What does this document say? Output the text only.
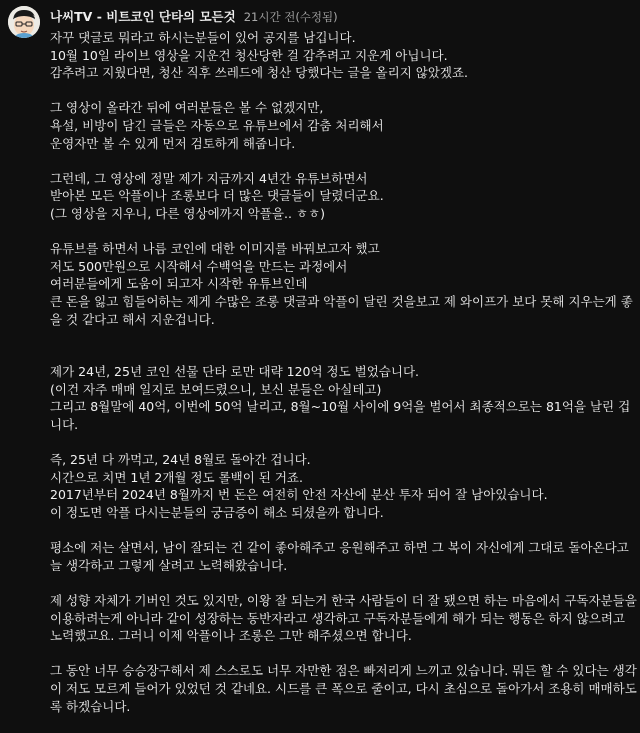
나씨TV - 비트코인 단타의 모든것 21시간 전(수정됨)
자꾸 댓글로 뭐라고 하시는분들이 있어 공지를 남깁니다.
10월 10일 라이브 영상을 지운건 청산당한 걸 감추려고 지운게 아닙니다.
감추려고 지웠다면, 청산 직후 쓰레드에 청산 당했다는 글을 올리지 않았겠죠.
그 영상이 올라간 뒤에 여러분들은 볼 수 없겠지만,
욕설, 비방이 담긴 글들은 자동으로 유튜브에서 감춤 처리해서
운영자만 볼 수 있게 먼저 검토하게 해줍니다.
그런데, 그 영상에 정말 제가 지금까지 4년간 유튜브하면서
받아본 모든 악플이나 조롱보다 더 많은 댓글들이 달렸더군요.
(그 영상을 지우니, 다른 영상에까지 악플을.. ㅎㅎ)
유튜브를 하면서 나름 코인에 대한 이미지를 바꿔보고자 했고
저도 500만원으로 시작해서 수백억을 만드는 과정에서
여러분들에게 도움이 되고자 시작한 유튜브인데
큰 돈을 잃고 힘들어하는 제게 수많은 조롱 댓글과 악플이 달린 것을보고 제 와이프가 보다 못해 지우는게 좋을 것 같다고 해서 지운겁니다.
제가 24년, 25년 코인 선물 단타 로만 대략 120억 정도 벌었습니다.
(이건 자주 매매 일지로 보여드렸으니, 보신 분들은 아실테고)
그리고 8월말에 40억, 이번에 50억 날리고, 8월~10월 사이에 9억을 벌어서 최종적으로는 81억을 날린 겁니다.
즉, 25년 다 까먹고, 24년 8월로 돌아간 겁니다.
시간으로 치면 1년 2개월 정도 롤백이 된 거죠.
2017년부터 2024년 8월까지 번 돈은 여전히 안전 자산에 분산 투자 되어 잘 남아있습니다.
이 정도면 악플 다시는분들의 궁금증이 해소 되셨을까 합니다.
평소에 저는 살면서, 남이 잘되는 건 같이 좋아해주고 응원해주고 하면 그 복이 자신에게 그대로 돌아온다고 늘 생각하고 그렇게 살려고 노력해왔습니다.
제 성향 자체가 기버인 것도 있지만, 이왕 잘 되는거 한국 사람들이 더 잘 됐으면 하는 마음에서 구독자분들을 이용하려는게 아니라 같이 성장하는 동반자라고 생각하고 구독자분들에게 해가 되는 행동은 하지 않으려고 노력했고요. 그러니 이제 악플이나 조롱은 그만 해주셨으면 합니다.
그 동안 너무 승승장구해서 제 스스로도 너무 자만한 점은 빠저리게 느끼고 있습니다. 뭐든 할 수 있다는 생각이 저도 모르게 들어가 있었던 것 같네요. 시드를 큰 폭으로 줄이고, 다시 초심으로 돌아가서 조용히 매매하도록 하겠습니다.
